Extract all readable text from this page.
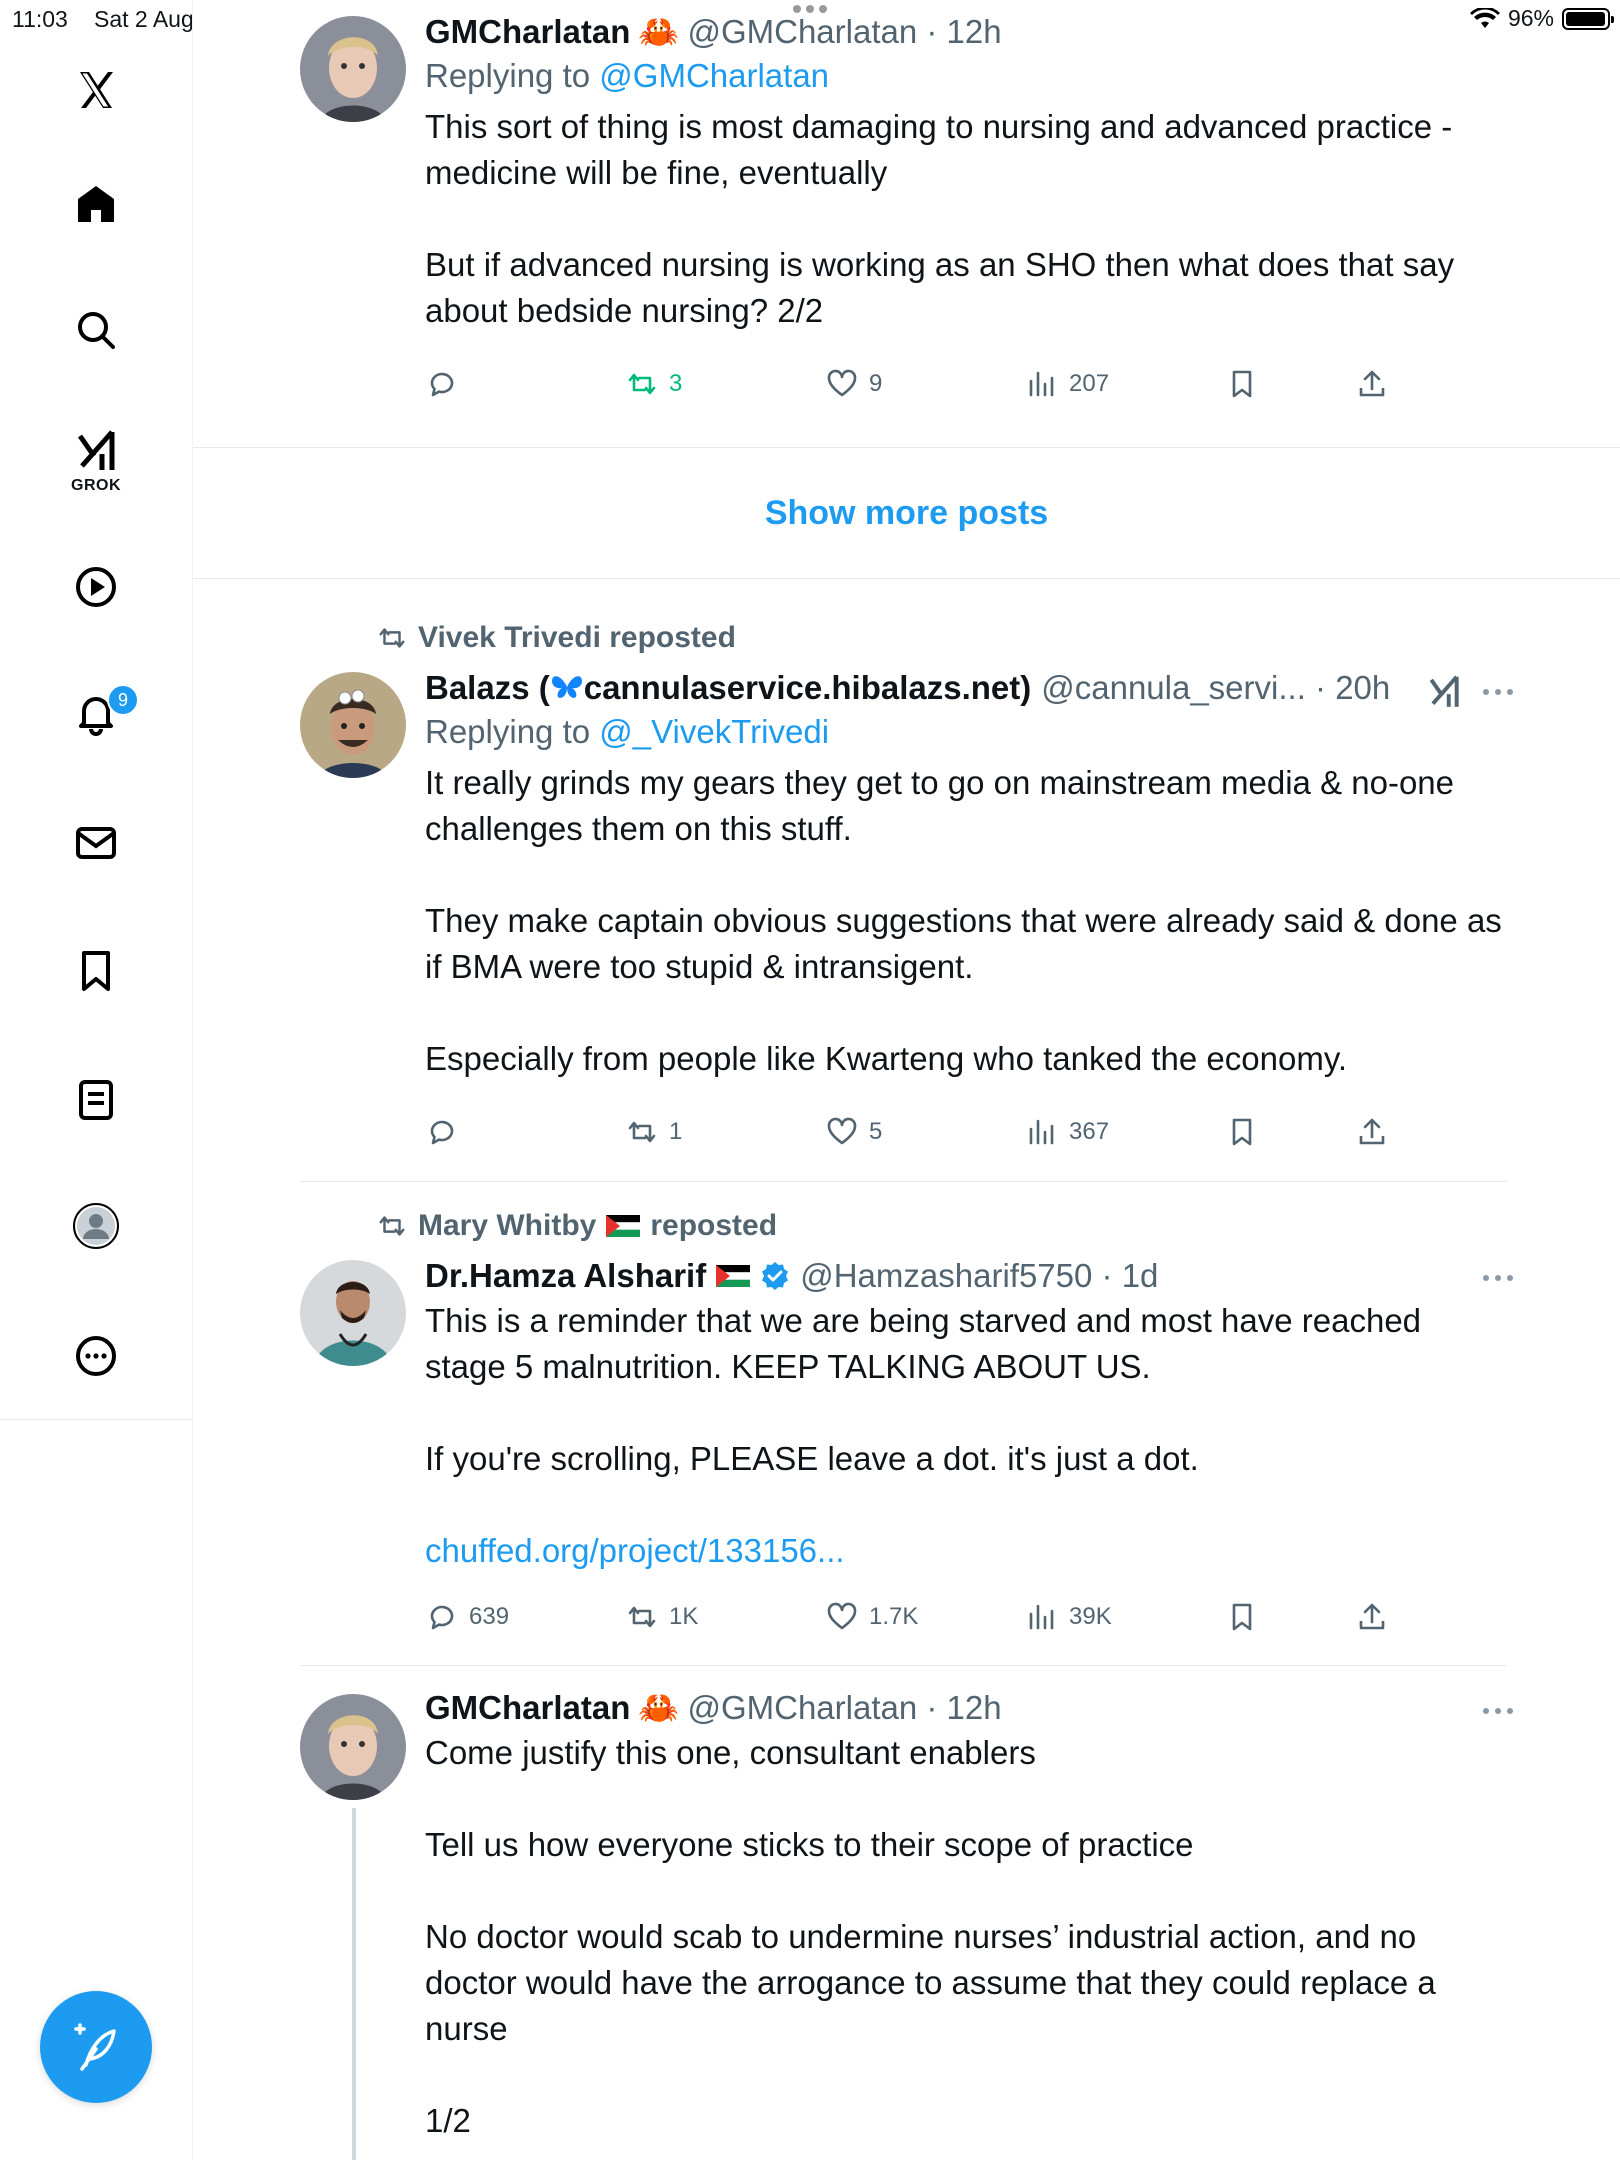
11:03 Sat 2 Aug	96%
GROK
9
GMCharlatan 🦀 @GMCharlatan · 12h
Replying to @GMCharlatan
This sort of thing is most damaging to nursing and advanced practice - medicine will be fine, eventually

But if advanced nursing is working as an SHO then what does that say about bedside nursing? 2/2
3	9	207
Show more posts
Vivek Trivedi reposted
Balazs ( cannulaservice.hibalazs.net) @cannula_servi... · 20h
Replying to @_VivekTrivedi
It really grinds my gears they get to go on mainstream media & no-one challenges them on this stuff.

They make captain obvious suggestions that were already said & done as if BMA were too stupid & intransigent.

Especially from people like Kwarteng who tanked the economy.
1	5	367
Mary Whitby reposted
Dr.Hamza Alsharif	@Hamzasharif5750 · 1d
This is a reminder that we are being starved and most have reached stage 5 malnutrition. KEEP TALKING ABOUT US.

If you're scrolling, PLEASE leave a dot. it's just a dot.

chuffed.org/project/133156...
639	1K	1.7K	39K
GMCharlatan 🦀 @GMCharlatan · 12h
Come justify this one, consultant enablers

Tell us how everyone sticks to their scope of practice

No doctor would scab to undermine nurses’ industrial action, and no doctor would have the arrogance to assume that they could replace a nurse

1/2
